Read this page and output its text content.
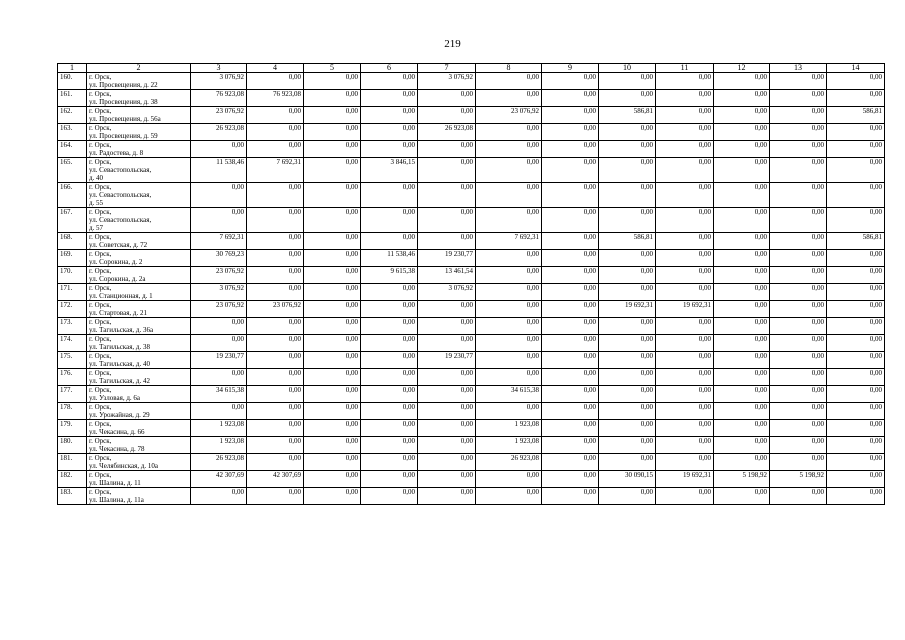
219
1	2	3	4	5	6	7	8	9	10	11	12	13	14
160.	г. Орск,
ул. Просвещения, д. 22	3 076,92	0,00	0,00	0,00	3 076,92	0,00	0,00	0,00	0,00	0,00	0,00	0,00
161.	г. Орск,
ул. Просвещения, д. 38	76 923,08	76 923,08	0,00	0,00	0,00	0,00	0,00	0,00	0,00	0,00	0,00	0,00
162.	г. Орск,
ул. Просвещения, д. 56а	23 076,92	0,00	0,00	0,00	0,00	23 076,92	0,00	586,81	0,00	0,00	0,00	586,81
163.	г. Орск,
ул. Просвещения, д. 59	26 923,08	0,00	0,00	0,00	26 923,08	0,00	0,00	0,00	0,00	0,00	0,00	0,00
164.	г. Орск,
ул. Радостева, д. 8	0,00	0,00	0,00	0,00	0,00	0,00	0,00	0,00	0,00	0,00	0,00	0,00
165.	г. Орск,
ул. Севастопольская,
д. 40	11 538,46	7 692,31	0,00	3 846,15	0,00	0,00	0,00	0,00	0,00	0,00	0,00	0,00
166.	г. Орск,
ул. Севастопольская,
д. 55	0,00	0,00	0,00	0,00	0,00	0,00	0,00	0,00	0,00	0,00	0,00	0,00
167.	г. Орск,
ул. Севастопольская,
д. 57	0,00	0,00	0,00	0,00	0,00	0,00	0,00	0,00	0,00	0,00	0,00	0,00
168.	г. Орск,
ул. Советская, д. 72	7 692,31	0,00	0,00	0,00	0,00	7 692,31	0,00	586,81	0,00	0,00	0,00	586,81
169.	г. Орск,
ул. Сорокина, д. 2	30 769,23	0,00	0,00	11 538,46	19 230,77	0,00	0,00	0,00	0,00	0,00	0,00	0,00
170.	г. Орск,
ул. Сорокина, д. 2а	23 076,92	0,00	0,00	9 615,38	13 461,54	0,00	0,00	0,00	0,00	0,00	0,00	0,00
171.	г. Орск,
ул. Станционная, д. 1	3 076,92	0,00	0,00	0,00	3 076,92	0,00	0,00	0,00	0,00	0,00	0,00	0,00
172.	г. Орск,
ул. Стартовая, д. 21	23 076,92	23 076,92	0,00	0,00	0,00	0,00	0,00	19 692,31	19 692,31	0,00	0,00	0,00
173.	г. Орск,
ул. Тагильская, д. 36а	0,00	0,00	0,00	0,00	0,00	0,00	0,00	0,00	0,00	0,00	0,00	0,00
174.	г. Орск,
ул. Тагильская, д. 38	0,00	0,00	0,00	0,00	0,00	0,00	0,00	0,00	0,00	0,00	0,00	0,00
175.	г. Орск,
ул. Тагильская, д. 40	19 230,77	0,00	0,00	0,00	19 230,77	0,00	0,00	0,00	0,00	0,00	0,00	0,00
176.	г. Орск,
ул. Тагильская, д. 42	0,00	0,00	0,00	0,00	0,00	0,00	0,00	0,00	0,00	0,00	0,00	0,00
177.	г. Орск,
ул. Узловая, д. 6а	34 615,38	0,00	0,00	0,00	0,00	34 615,38	0,00	0,00	0,00	0,00	0,00	0,00
178.	г. Орск,
ул. Урожайная, д. 29	0,00	0,00	0,00	0,00	0,00	0,00	0,00	0,00	0,00	0,00	0,00	0,00
179.	г. Орск,
ул. Чекасина, д. 66	1 923,08	0,00	0,00	0,00	0,00	1 923,08	0,00	0,00	0,00	0,00	0,00	0,00
180.	г. Орск,
ул. Чекасина, д. 78	1 923,08	0,00	0,00	0,00	0,00	1 923,08	0,00	0,00	0,00	0,00	0,00	0,00
181.	г. Орск,
ул. Челябинская, д. 10а	26 923,08	0,00	0,00	0,00	0,00	26 923,08	0,00	0,00	0,00	0,00	0,00	0,00
182.	г. Орск,
ул. Шалина, д. 11	42 307,69	42 307,69	0,00	0,00	0,00	0,00	0,00	30 090,15	19 692,31	5 198,92	5 198,92	0,00
183.	г. Орск,
ул. Шалина, д. 11а	0,00	0,00	0,00	0,00	0,00	0,00	0,00	0,00	0,00	0,00	0,00	0,00
